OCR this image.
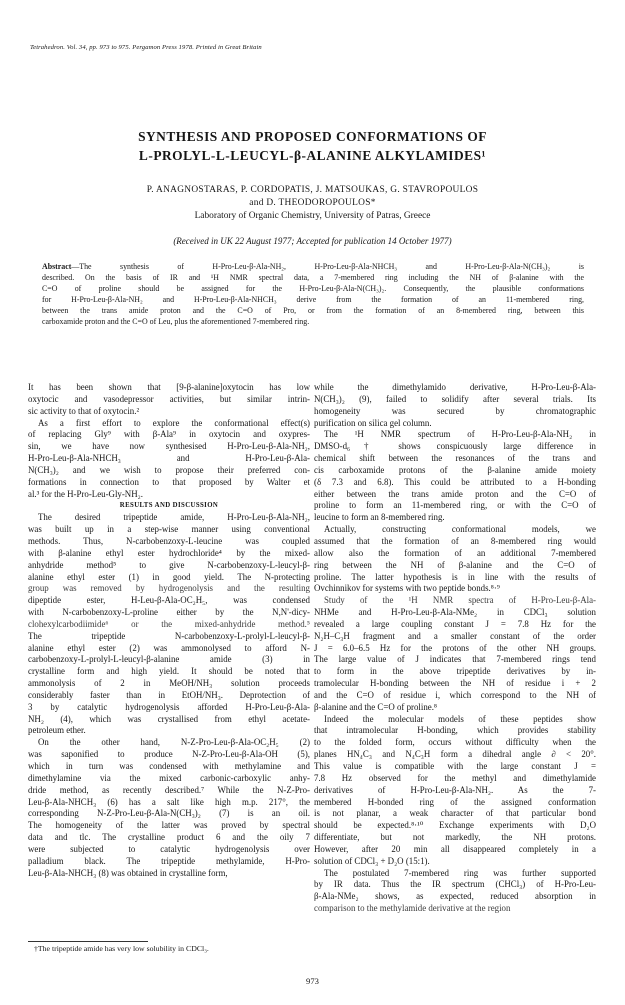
Tetrahedron. Vol. 34, pp. 973 to 975. Pergamon Press 1978. Printed in Great Britain
SYNTHESIS AND PROPOSED CONFORMATIONS OF
L-PROLYL-L-LEUCYL-β-ALANINE ALKYLAMIDES¹
P. ANAGNOSTARAS, P. CORDOPATIS, J. MATSOUKAS, G. STAVROPOULOS
and D. THEODOROPOULOS*
Laboratory of Organic Chemistry, University of Patras, Greece
(Received in UK 22 August 1977; Accepted for publication 14 October 1977)
Abstract—The synthesis of H-Pro-Leu-β-Ala-NH₂, H-Pro-Leu-β-Ala-NHCH₃ and H-Pro-Leu-β-Ala-N(CH₃)₂ is
described. On the basis of IR and ¹H NMR spectral data, a 7-membered ring including the NH of β-alanine with the
C=O of proline should be assigned for the H-Pro-Leu-β-Ala-N(CH₃)₂. Consequently, the plausible conformations
for H-Pro-Leu-β-Ala-NH₂ and H-Pro-Leu-β-Ala-NHCH₃ derive from the formation of an 11-membered ring,
between the trans amide proton and the C=O of Pro, or from the formation of an 8-membered ring, between this
carboxamide proton and the C=O of Leu, plus the aforementioned 7-membered ring.
It has been shown that [9-β-alanine]oxytocin has low
oxytocic and vasodepressor activities, but similar intrin-
sic activity to that of oxytocin.²
As a first effort to explore the conformational effect(s)
of replacing Gly⁹ with β-Ala⁹ in oxytocin and oxypres-
sin, we have now synthesised H-Pro-Leu-β-Ala-NH₂,
H-Pro-Leu-β-Ala-NHCH₃ and H-Pro-Leu-β-Ala-
N(CH₃)₂ and we wish to propose their preferred con-
formations in connection to that proposed by Walter et
al.³ for the H-Pro-Leu-Gly-NH₂.
RESULTS AND DISCUSSION
The desired tripeptide amide, H-Pro-Leu-β-Ala-NH₂,
was built up in a step-wise manner using conventional
methods. Thus, N-carbobenzoxy-L-leucine was coupled
with β-alanine ethyl ester hydrochloride⁴ by the mixed-
anhydride method⁵ to give N-carbobenzoxy-L-leucyl-β-
alanine ethyl ester (1) in good yield. The N-protecting
group was removed by hydrogenolysis and the resulting
dipeptide ester, H-Leu-β-Ala-OC₂H₅, was condensed
with N-carbobenzoxy-L-proline either by the N,N'-dicy-
clohexylcarbodiimide⁶ or the mixed-anhydride method.⁵
The tripeptide N-carbobenzoxy-L-prolyl-L-leucyl-β-
alanine ethyl ester (2) was ammonolysed to afford N-
carbobenzoxy-L-prolyl-L-leucyl-β-alanine amide (3) in
crystalline form and high yield. It should be noted that
ammonolysis of 2 in MeOH/NH₃ solution proceeds
considerably faster than in EtOH/NH₃. Deprotection of
3 by catalytic hydrogenolysis afforded H-Pro-Leu-β-Ala-
NH₂ (4), which was crystallised from ethyl acetate-
petroleum ether.
On the other hand, N-Z-Pro-Leu-β-Ala-OC₂H₅ (2)
was saponified to produce N-Z-Pro-Leu-β-Ala-OH (5),
which in turn was condensed with methylamine and
dimethylamine via the mixed carbonic-carboxylic anhy-
dride method, as recently described.⁷ While the N-Z-Pro-
Leu-β-Ala-NHCH₃ (6) has a salt like high m.p. 217°, the
corresponding N-Z-Pro-Leu-β-Ala-N(CH₃)₂ (7) is an oil.
The homogeneity of the latter was proved by spectral
data and tlc. The crystalline product 6 and the oily 7
were subjected to catalytic hydrogenolysis over
palladium black. The tripeptide methylamide, H-Pro-
Leu-β-Ala-NHCH₃ (8) was obtained in crystalline form,
while the dimethylamido derivative, H-Pro-Leu-β-Ala-
N(CH₃)₂ (9), failed to solidify after several trials. Its
homogeneity was secured by chromatographic
purification on silica gel column.
The ¹H NMR spectrum of H-Pro-Leu-β-Ala-NH₂ in
DMSO-d₆† shows conspicuously large difference in
chemical shift between the resonances of the trans and
cis carboxamide protons of the β-alanine amide moiety
(δ 7.3 and 6.8). This could be attributed to a H-bonding
either between the trans amide proton and the C=O of
proline to form an 11-membered ring, or with the C=O of
leucine to form an 8-membered ring.
Actually, constructing conformational models, we
assumed that the formation of an 8-membered ring would
allow also the formation of an additional 7-membered
ring between the NH of β-alanine and the C=O of
proline. The latter hypothesis is in line with the results of
Ovchinnikov for systems with two peptide bonds.⁸·⁹
Study of the ¹H NMR spectra of H-Pro-Leu-β-Ala-
NHMe and H-Pro-Leu-β-Ala-NMe₂ in CDCl₃ solution
revealed a large coupling constant J = 7.8 Hz for the
N₂H–C₃H fragment and a smaller constant of the order
J = 6.0–6.5 Hz for the protons of the other NH groups.
The large value of J indicates that 7-membered rings tend
to form in the above tripeptide derivatives by in-
tramolecular H-bonding between the NH of residue i + 2
and the C=O of residue i, which correspond to the NH of
β-alanine and the C=O of proline.⁸
Indeed the molecular models of these peptides show
that intramolecular H-bonding, which provides stability
to the folded form, occurs without difficulty when the
planes HN₄C₃ and N₄C₃H form a dihedral angle ∂ < 20°.
This value is compatible with the large constant J =
7.8 Hz observed for the methyl and dimethylamide
derivatives of H-Pro-Leu-β-Ala-NH₂. As the 7-
membered H-bonded ring of the assigned conformation
is not planar, a weak character of that particular bond
should be expected.⁸·¹⁰ Exchange experiments with D₂O
differentiate, but not markedly, the NH protons.
However, after 20 min all disappeared completely in a
solution of CDCl₃ + D₂O (15:1).
The postulated 7-membered ring was further supported
by IR data. Thus the IR spectrum (CHCl₃) of H-Pro-Leu-
β-Ala-NMe₂ shows, as expected, reduced absorption in
comparison to the methylamide derivative at the region
†The tripeptide amide has very low solubility in CDCl₃.
973
